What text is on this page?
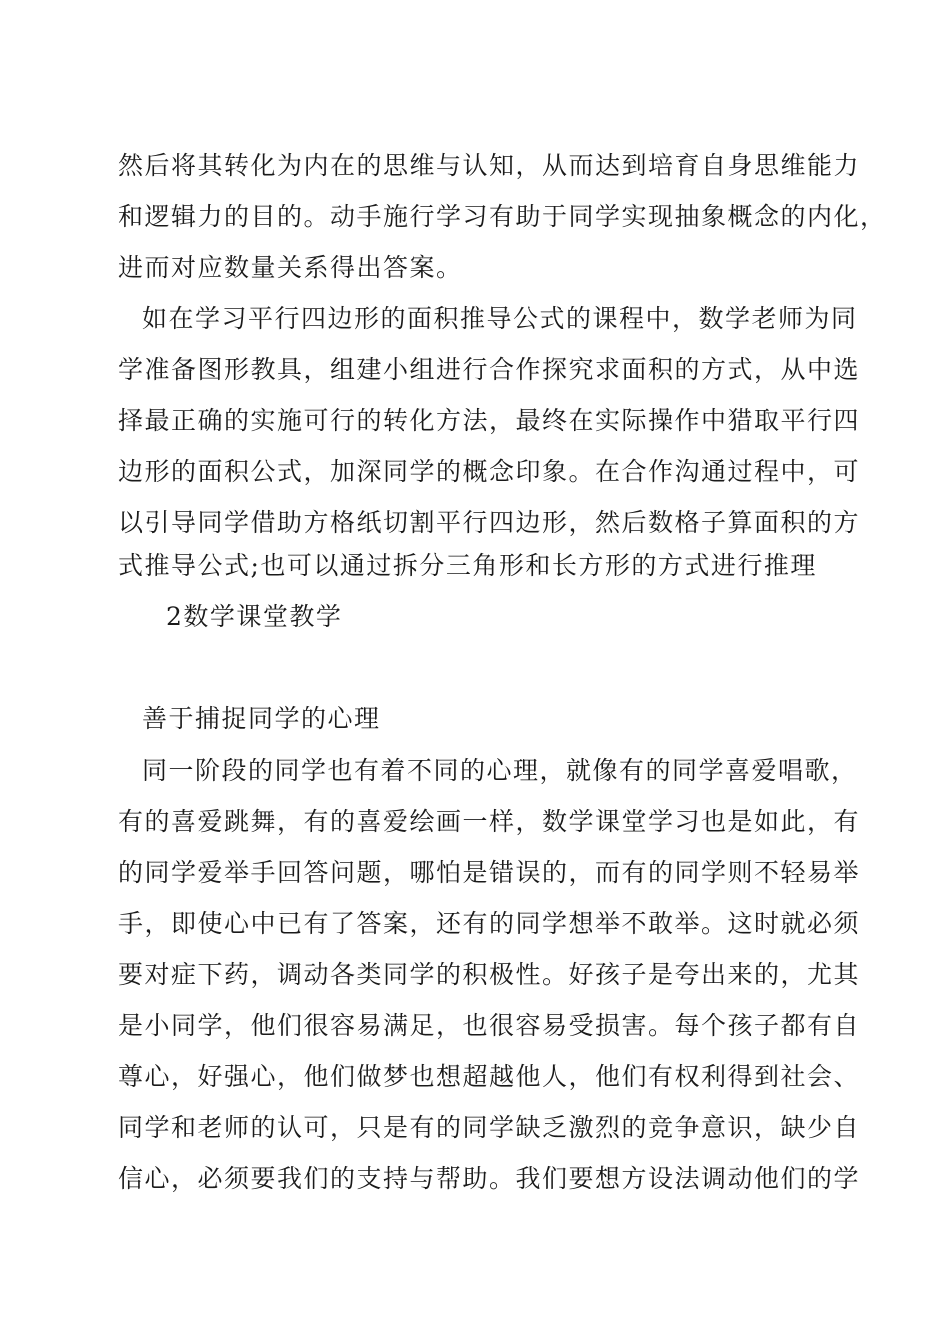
然后将其转化为内在的思维与认知，从而达到培育自身思维能力
和逻辑力的目的。动手施行学习有助于同学实现抽象概念的内化，
进而对应数量关系得出答案。
如在学习平行四边形的面积推导公式的课程中，数学老师为同
学准备图形教具，组建小组进行合作探究求面积的方式，从中选
择最正确的实施可行的转化方法，最终在实际操作中猎取平行四
边形的面积公式，加深同学的概念印象。在合作沟通过程中，可
以引导同学借助方格纸切割平行四边形，然后数格子算面积的方
式推导公式;也可以通过拆分三角形和长方形的方式进行推理
2数学课堂教学
善于捕捉同学的心理
同一阶段的同学也有着不同的心理，就像有的同学喜爱唱歌，
有的喜爱跳舞，有的喜爱绘画一样，数学课堂学习也是如此，有
的同学爱举手回答问题，哪怕是错误的，而有的同学则不轻易举
手，即使心中已有了答案，还有的同学想举不敢举。这时就必须
要对症下药，调动各类同学的积极性。好孩子是夸出来的，尤其
是小同学，他们很容易满足，也很容易受损害。每个孩子都有自
尊心，好强心，他们做梦也想超越他人，他们有权利得到社会、
同学和老师的认可，只是有的同学缺乏激烈的竞争意识，缺少自
信心，必须要我们的支持与帮助。我们要想方设法调动他们的学
